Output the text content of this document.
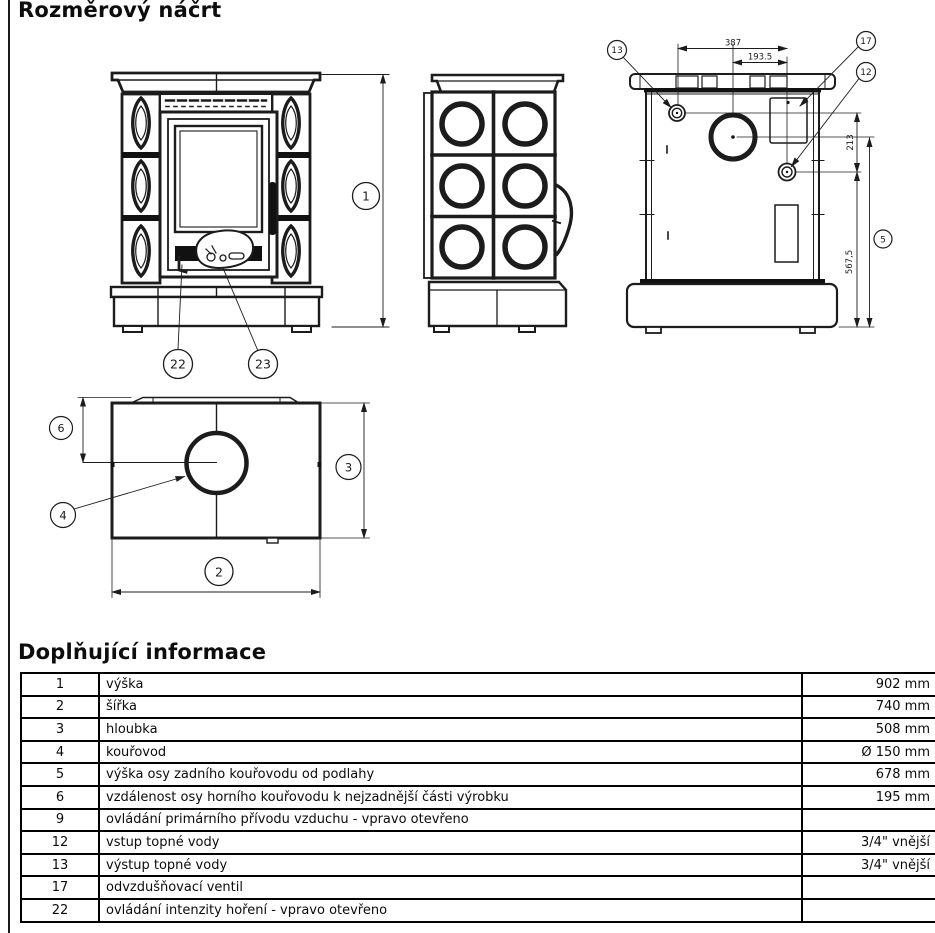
Rozměrový náčrt
1
22	23
13
17
12
387
193.5
213
567,5
5
6
4
3
2
Doplňující informace
1	výška	902 mm
2	šířka	740 mm
3	hloubka	508 mm
4	kouřovod	Ø 150 mm
5	výška osy zadního kouřovodu od podlahy	678 mm
6	vzdálenost osy horního kouřovodu k nejzadnější části výrobku	195 mm
9	ovládání primárního přívodu vzduchu - vpravo otevřeno	
12	vstup topné vody	3/4" vnější
13	výstup topné vody	3/4" vnější
17	odvzdušňovací ventil	
22	ovládání intenzity hoření - vpravo otevřeno	
